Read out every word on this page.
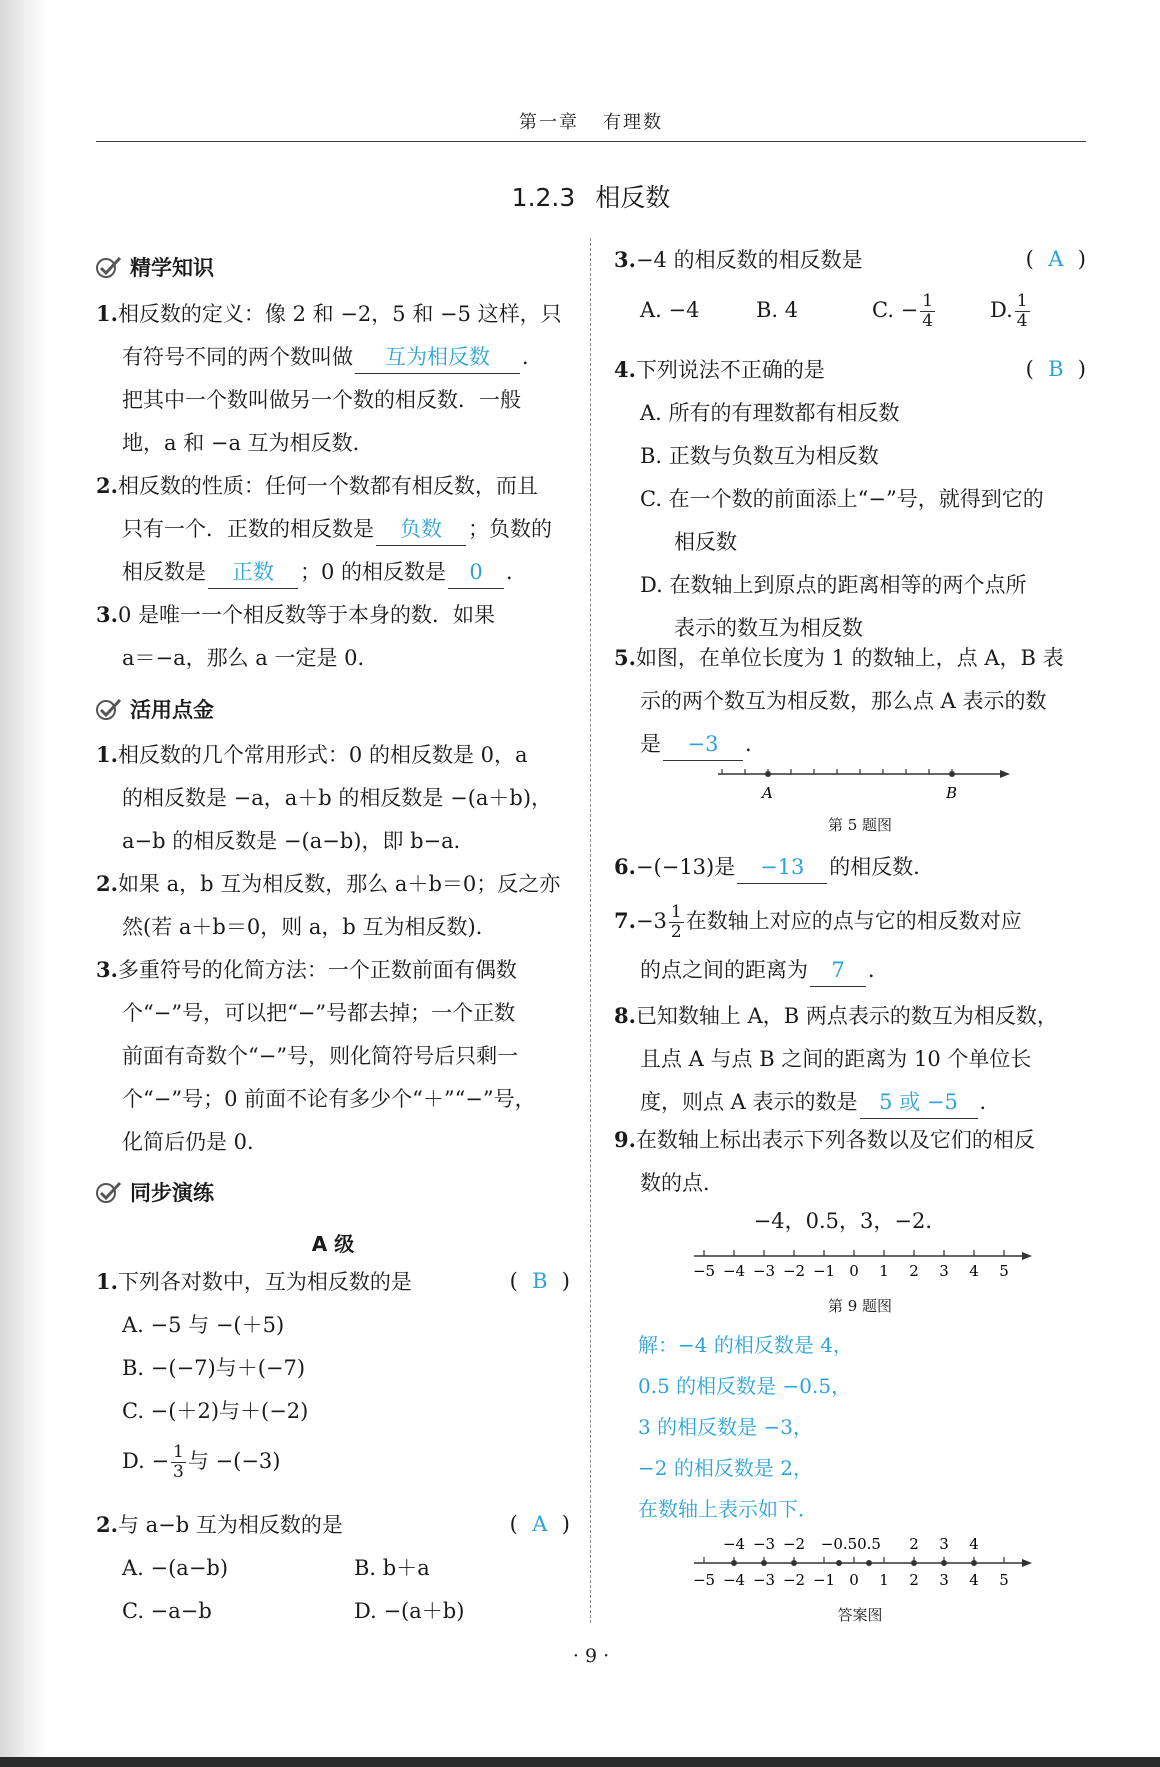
第一章 有理数
1.2.3 相反数
精学知识
1.相反数的定义：像 2 和 −2，5 和 −5 这样，只
有符号不同的两个数叫做 互为相反数 ．
把其中一个数叫做另一个数的相反数．一般
地，a 和 −a 互为相反数．
2.相反数的性质：任何一个数都有相反数，而且
只有一个．正数的相反数是 负数 ；负数的
相反数是 正数 ；0 的相反数是 0 ．
3.0 是唯一一个相反数等于本身的数．如果
a＝−a，那么 a 一定是 0．
活用点金
1.相反数的几个常用形式：0 的相反数是 0，a
的相反数是 −a，a＋b 的相反数是 −(a＋b)，
a−b 的相反数是 −(a−b)，即 b−a．
2.如果 a，b 互为相反数，那么 a＋b＝0；反之亦
然(若 a＋b＝0，则 a，b 互为相反数)．
3.多重符号的化简方法：一个正数前面有偶数
个“−”号，可以把“−”号都去掉；一个正数
前面有奇数个“−”号，则化简符号后只剩一
个“−”号；0 前面不论有多少个“＋”“−”号，
化简后仍是 0．
同步演练
A 级
1.下列各对数中，互为相反数的是	( B )
A. −5 与 −(＋5)
B. −(−7)与＋(−7)
C. −(＋2)与＋(−2)
D. − $\frac{1}{3}$ 与 −(−3)
2.与 a−b 互为相反数的是	( A )
A. −(a−b)	B. b＋a
C. −a−b	D. −(a＋b)
3.−4 的相反数的相反数是	( A )
A. −4	B. 4	C. − $\frac{1}{4}$	D. $\frac{1}{4}$
4.下列说法不正确的是	( B )
A. 所有的有理数都有相反数
B. 正数与负数互为相反数
C. 在一个数的前面添上“−”号，就得到它的
相反数
D. 在数轴上到原点的距离相等的两个点所
表示的数互为相反数
5.如图，在单位长度为 1 的数轴上，点 A，B 表
示的两个数互为相反数，那么点 A 表示的数
是 −3 ．
A	B
第 5 题图
6.−(−13)是 −13 的相反数．
$7.-3 \frac{1}{2}$ 在数轴上对应的点与它的相反数对应
的点之间的距离为 7 ．
8.已知数轴上 A，B 两点表示的数互为相反数，
且点 A 与点 B 之间的距离为 10 个单位长
度，则点 A 表示的数是 5 或 −5 ．
9.在数轴上标出表示下列各数以及它们的相反
数的点．
−4，0.5，3，−2．
−5 −4 −3 −2 −1 0 1 2 3 4 5
第 9 题图
解：−4 的相反数是 4，
0.5 的相反数是 −0.5，
3 的相反数是 −3，
−2 的相反数是 2，
在数轴上表示如下．
−5 −4 −3 −2 −1 0 1 2 3 4 5
−4 −3 −2 −0.5 0.5 2 3 4
答案图
· 9 ·
